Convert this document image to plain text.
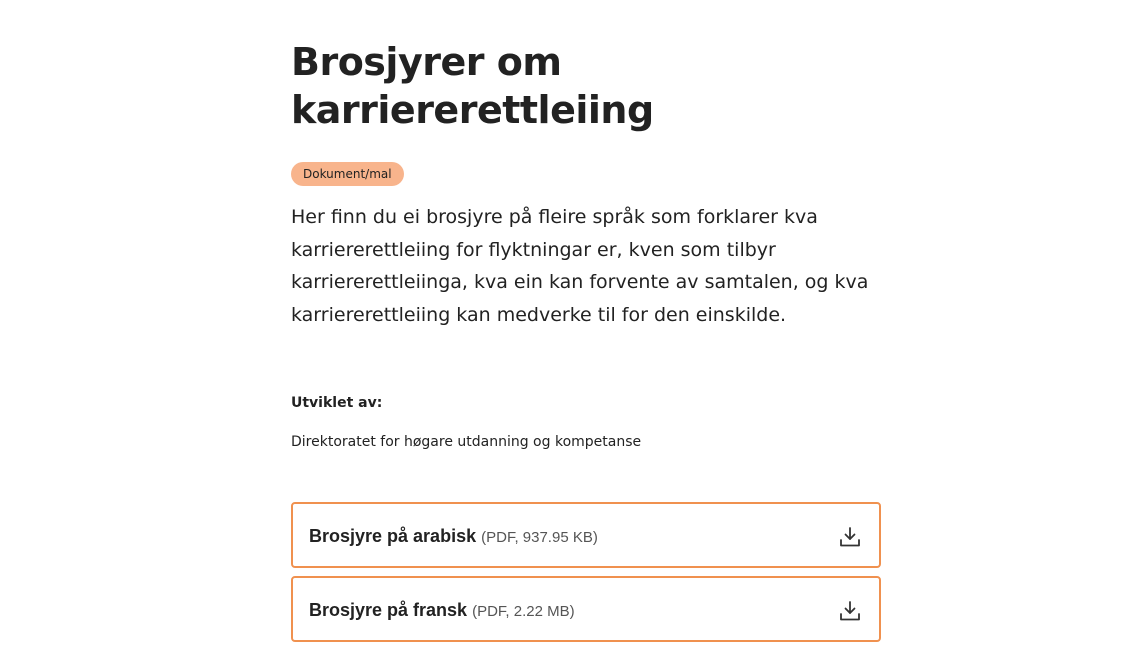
Brosjyrer om
karriererettleiing
Dokument/mal

Her finn du ei brosjyre på fleire språk som forklarer kva karriererettleiing for flyktningar er, kven som tilbyr karriererettleiinga, kva ein kan forvente av samtalen, og kva karriererettleiing kan medverke til for den einskilde.

Utviklet av:

Direktoratet for høgare utdanning og kompetanse

Brosjyre på arabisk (PDF, 937.95 KB)
Brosjyre på fransk (PDF, 2.22 MB)
